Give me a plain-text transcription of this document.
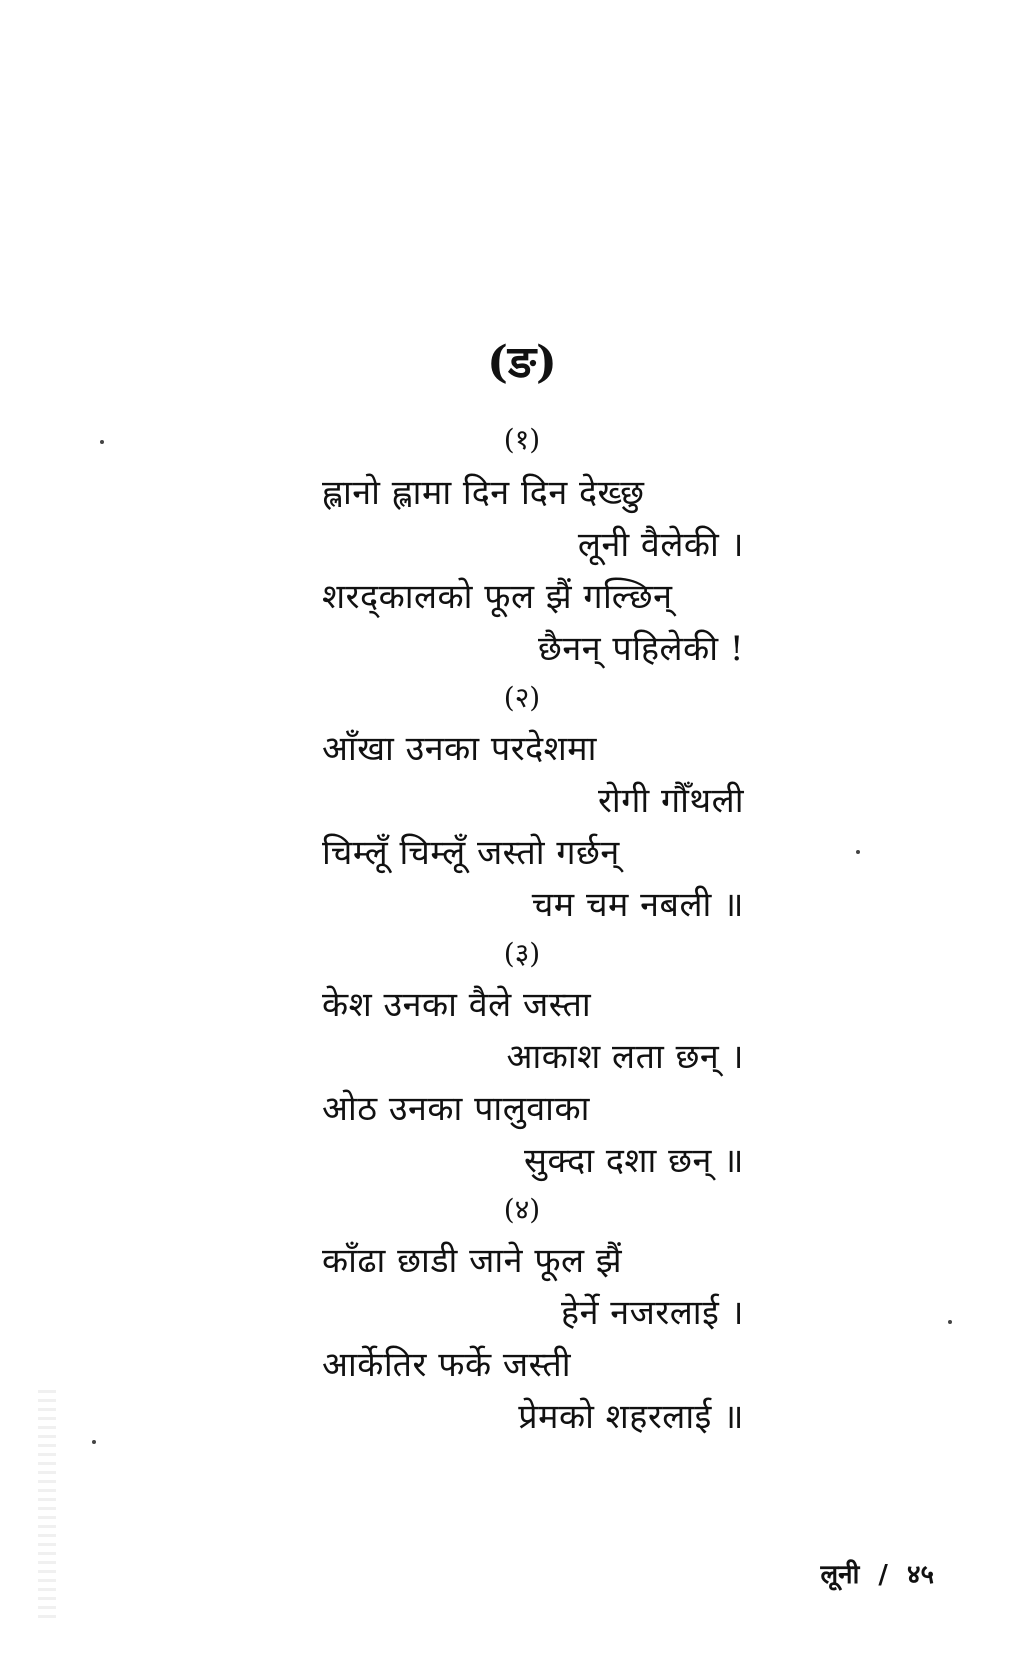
(ङ)
(१)
ह्लानो ह्लामा दिन दिन देख्छु
लूनी वैलेकी ।
शरद्‌कालको फूल झैं गल्छिन्
छैनन् पहिलेकी !
(२)
आँखा उनका परदेशमा
रोगी गौँथली
चिम्लूँ चिम्लूँ जस्तो गर्छन्
चम चम नबली ॥
(३)
केश उनका वैले जस्ता
आकाश लता छन् ।
ओठ उनका पालुवाका
सुक्दा दशा छन् ॥
(४)
काँढा छाडी जाने फूल झैं
हेर्ने नजरलाई ।
आर्केतिर फर्के जस्ती
प्रेमको शहरलाई ॥
लूनी / ४५
